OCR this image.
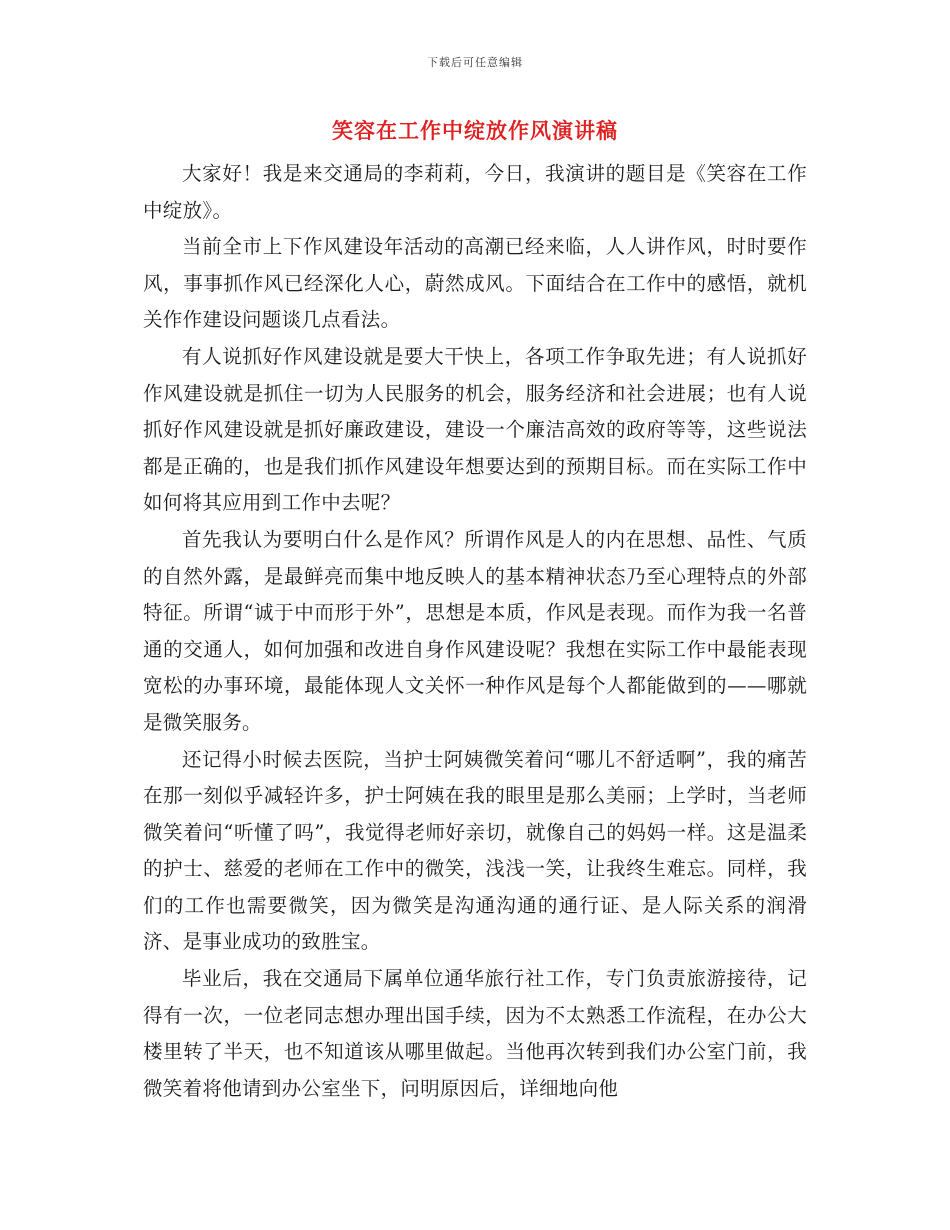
下载后可任意编辑
笑容在工作中绽放作风演讲稿

大家好！我是来交通局的李莉莉，今日，我演讲的题目是《笑容在工作中绽放》。

当前全市上下作风建设年活动的高潮已经来临，人人讲作风，时时要作风，事事抓作风已经深化人心，蔚然成风。下面结合在工作中的感悟，就机关作作建设问题谈几点看法。

有人说抓好作风建设就是要大干快上，各项工作争取先进；有人说抓好作风建设就是抓住一切为人民服务的机会，服务经济和社会进展；也有人说抓好作风建设就是抓好廉政建设，建设一个廉洁高效的政府等等，这些说法都是正确的，也是我们抓作风建设年想要达到的预期目标。而在实际工作中如何将其应用到工作中去呢？

首先我认为要明白什么是作风？所谓作风是人的内在思想、品性、气质的自然外露，是最鲜亮而集中地反映人的基本精神状态乃至心理特点的外部特征。所谓“诚于中而形于外”，思想是本质，作风是表现。而作为我一名普通的交通人，如何加强和改进自身作风建设呢？我想在实际工作中最能表现宽松的办事环境，最能体现人文关怀一种作风是每个人都能做到的——哪就是微笑服务。

还记得小时候去医院，当护士阿姨微笑着问“哪儿不舒适啊”，我的痛苦在那一刻似乎减轻许多，护士阿姨在我的眼里是那么美丽；上学时，当老师微笑着问“听懂了吗”，我觉得老师好亲切，就像自己的妈妈一样。这是温柔的护士、慈爱的老师在工作中的微笑，浅浅一笑，让我终生难忘。同样，我们的工作也需要微笑，因为微笑是沟通沟通的通行证、是人际关系的润滑济、是事业成功的致胜宝。

毕业后，我在交通局下属单位通华旅行社工作，专门负责旅游接待，记得有一次，一位老同志想办理出国手续，因为不太熟悉工作流程，在办公大楼里转了半天，也不知道该从哪里做起。当他再次转到我们办公室门前，我微笑着将他请到办公室坐下，问明原因后，详细地向他
